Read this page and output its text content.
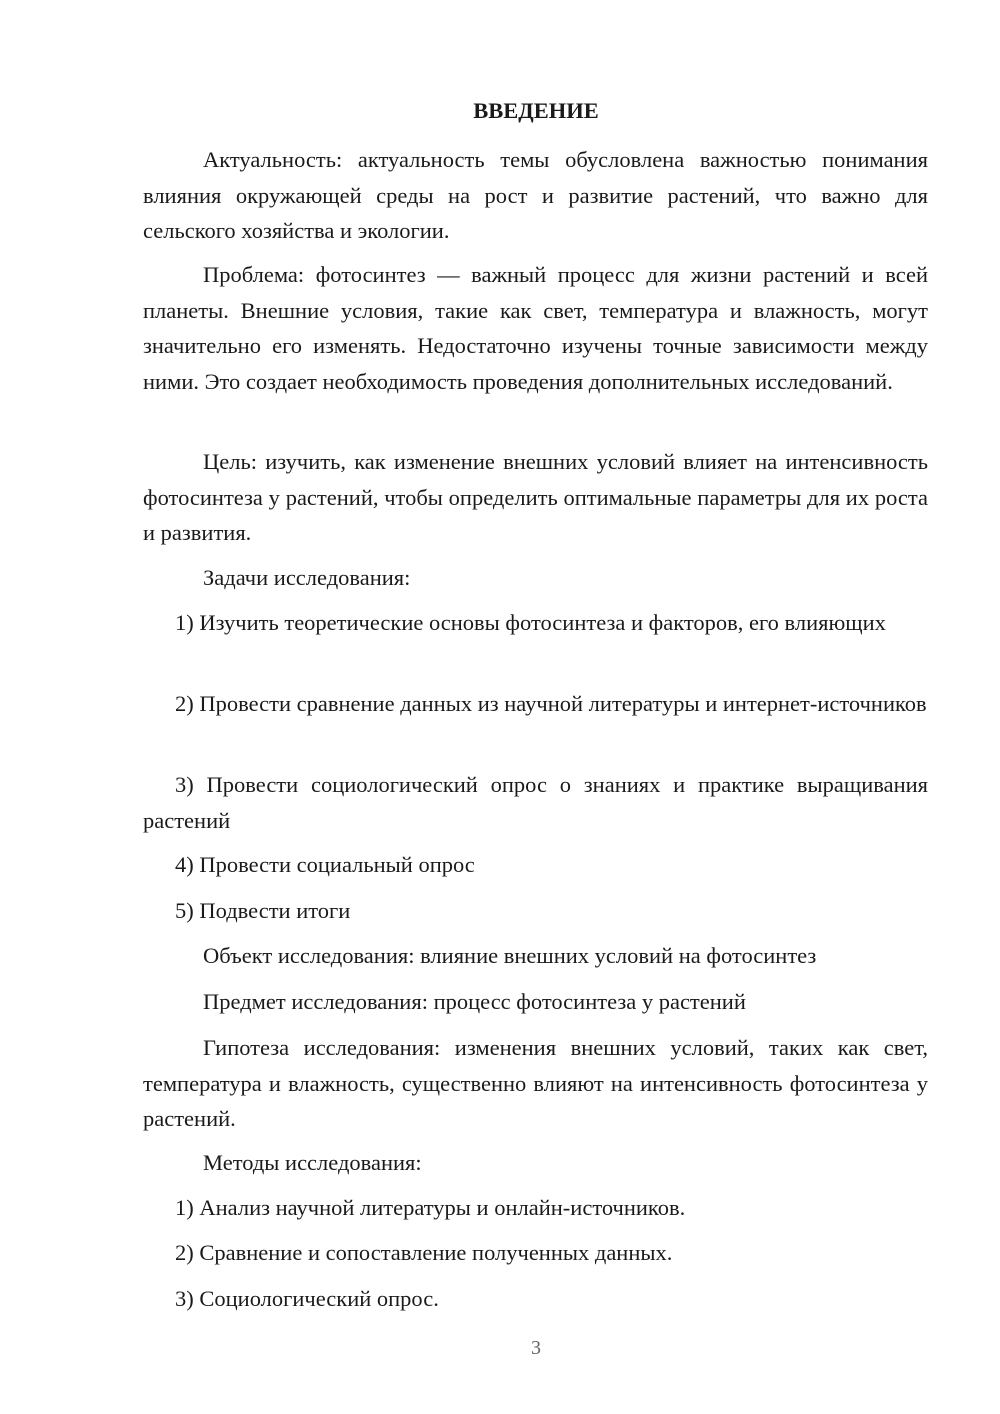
ВВЕДЕНИЕ

Актуальность: актуальность темы обусловлена важностью понимания влияния окружающей среды на рост и развитие растений, что важно для сельского хозяйства и экологии.

Проблема: фотосинтез — важный процесс для жизни растений и всей планеты. Внешние условия, такие как свет, температура и влажность, могут значительно его изменять. Недостаточно изучены точные зависимости между ними. Это создает необходимость проведения дополнительных исследований.

Цель: изучить, как изменение внешних условий влияет на интенсивность фотосинтеза у растений, чтобы определить оптимальные параметры для их роста и развития.

Задачи исследования:

1) Изучить теоретические основы фотосинтеза и факторов, его влияющих

2) Провести сравнение данных из научной литературы и интернет-источников

3) Провести социологический опрос о знаниях и практике выращивания растений

4) Провести социальный опрос

5) Подвести итоги

Объект исследования: влияние внешних условий на фотосинтез

Предмет исследования: процесс фотосинтеза у растений

Гипотеза исследования: изменения внешних условий, таких как свет, температура и влажность, существенно влияют на интенсивность фотосинтеза у растений.

Методы исследования:

1) Анализ научной литературы и онлайн-источников.

2) Сравнение и сопоставление полученных данных.

3) Социологический опрос.

3
